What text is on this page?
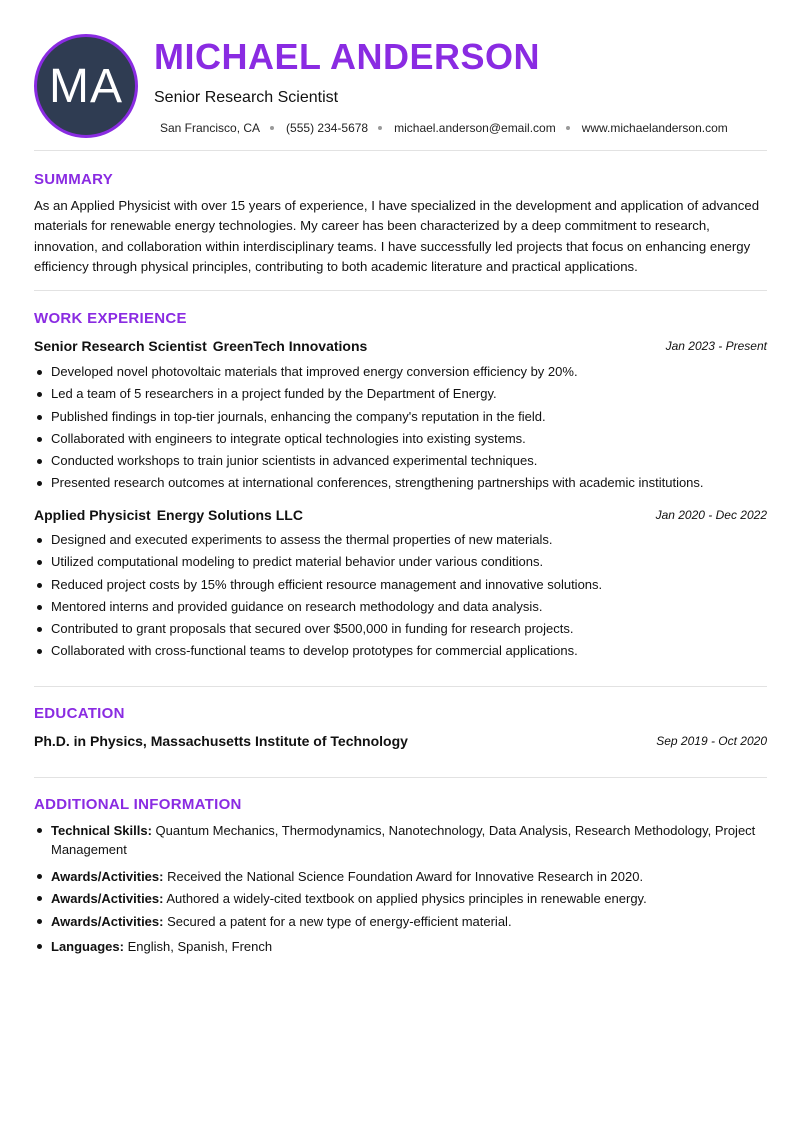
MA
MICHAEL ANDERSON
Senior Research Scientist
San Francisco, CA (555) 234-5678 michael.anderson@email.com www.michaelanderson.com
SUMMARY
As an Applied Physicist with over 15 years of experience, I have specialized in the development and application of advanced materials for renewable energy technologies. My career has been characterized by a deep commitment to research, innovation, and collaboration within interdisciplinary teams. I have successfully led projects that focus on enhancing energy efficiency through physical principles, contributing to both academic literature and practical applications.
WORK EXPERIENCE
Senior Research Scientist GreenTech Innovations	Jan 2023 - Present
Developed novel photovoltaic materials that improved energy conversion efficiency by 20%.
Led a team of 5 researchers in a project funded by the Department of Energy.
Published findings in top-tier journals, enhancing the company's reputation in the field.
Collaborated with engineers to integrate optical technologies into existing systems.
Conducted workshops to train junior scientists in advanced experimental techniques.
Presented research outcomes at international conferences, strengthening partnerships with academic institutions.
Applied Physicist Energy Solutions LLC	Jan 2020 - Dec 2022
Designed and executed experiments to assess the thermal properties of new materials.
Utilized computational modeling to predict material behavior under various conditions.
Reduced project costs by 15% through efficient resource management and innovative solutions.
Mentored interns and provided guidance on research methodology and data analysis.
Contributed to grant proposals that secured over $500,000 in funding for research projects.
Collaborated with cross-functional teams to develop prototypes for commercial applications.
EDUCATION
Ph.D. in Physics, Massachusetts Institute of Technology	Sep 2019 - Oct 2020
ADDITIONAL INFORMATION
Technical Skills: Quantum Mechanics, Thermodynamics, Nanotechnology, Data Analysis, Research Methodology, Project Management
Awards/Activities: Received the National Science Foundation Award for Innovative Research in 2020.
Awards/Activities: Authored a widely-cited textbook on applied physics principles in renewable energy.
Awards/Activities: Secured a patent for a new type of energy-efficient material.
Languages: English, Spanish, French
